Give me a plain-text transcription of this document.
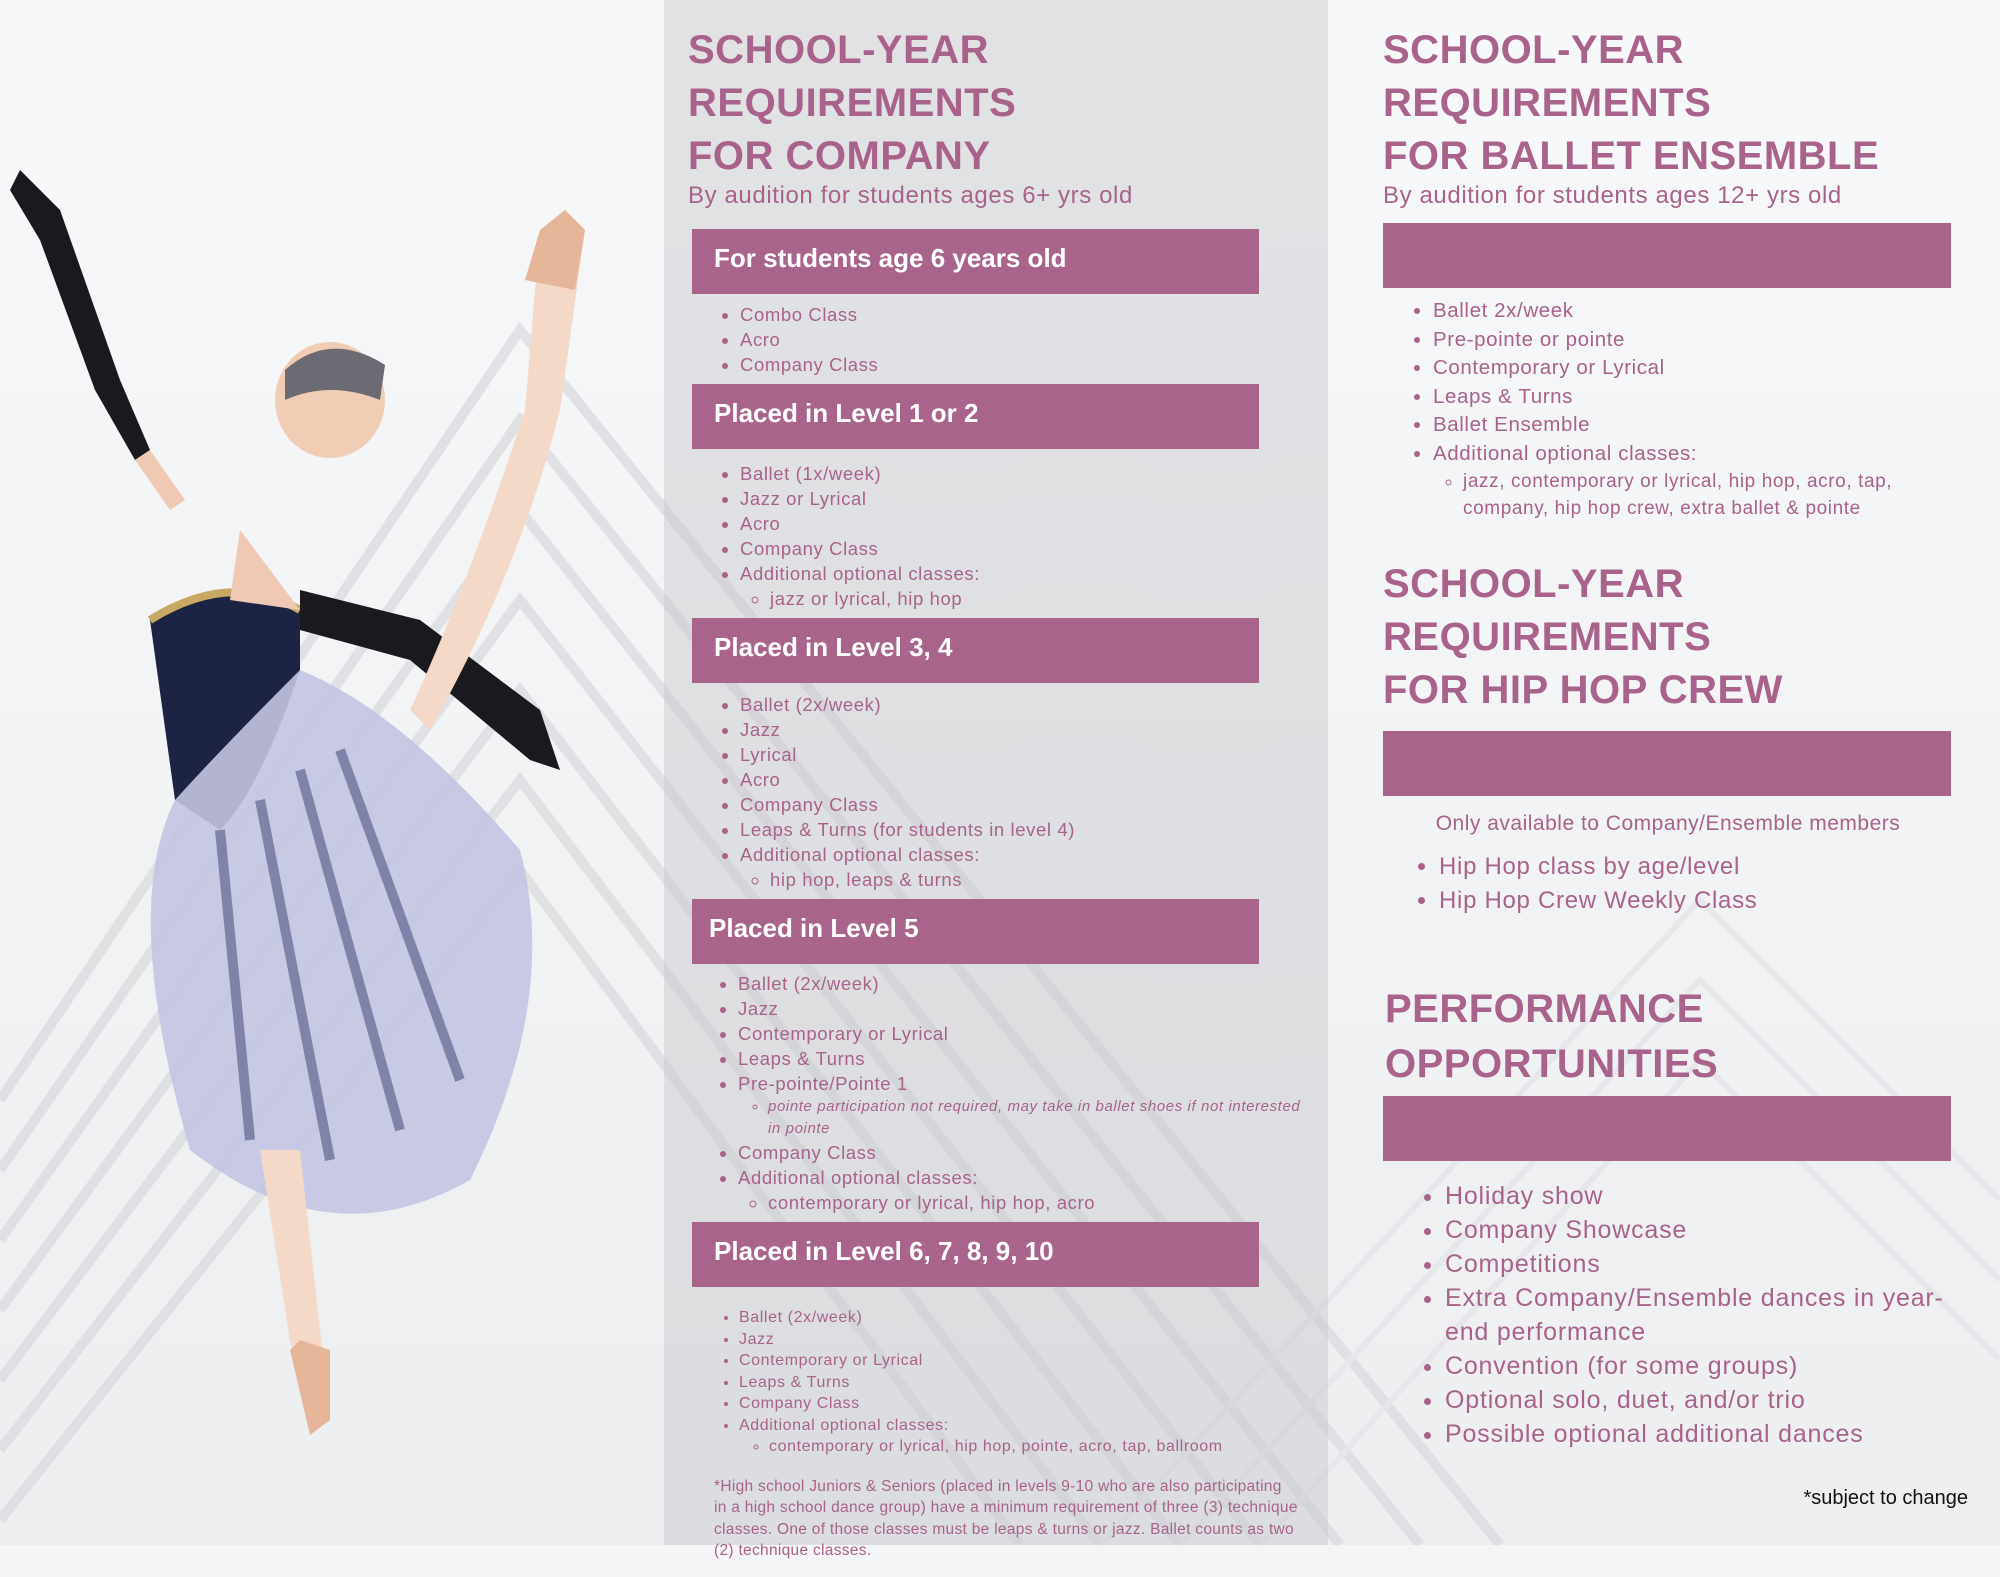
SCHOOL-YEAR REQUIREMENTS
FOR COMPANY

By audition for students ages 6+ yrs old

For students age 6 years old
• Combo Class
• Acro
• Company Class
Placed in Level 1 or 2
• Ballet (1x/week)
• Jazz or Lyrical
• Acro
• Company Class
• Additional optional classes:
◦ jazz or lyrical, hip hop
Placed in Level 3, 4
• Ballet (2x/week)
• Jazz
• Lyrical
• Acro
• Company Class
• Leaps & Turns (for students in level 4)
• Additional optional classes:
◦ hip hop, leaps & turns
Placed in Level 5
• Ballet (2x/week)
• Jazz
• Contemporary or Lyrical
• Leaps & Turns
• Pre-pointe/Pointe 1
◦ pointe participation not required, may take in ballet shoes if not interested in pointe
• Company Class
• Additional optional classes:
◦ contemporary or lyrical, hip hop, acro
Placed in Level 6, 7, 8, 9, 10
• Ballet (2x/week)
• Jazz
• Contemporary or Lyrical
• Leaps & Turns
• Company Class
• Additional optional classes:
◦ contemporary or lyrical, hip hop, pointe, acro, tap, ballroom

*High school Juniors & Seniors (placed in levels 9-10 who are also participating in a high school dance group) have a minimum requirement of three (3) technique classes. One of those classes must be leaps & turns or jazz. Ballet counts as two (2) technique classes.

SCHOOL-YEAR REQUIREMENTS
FOR BALLET ENSEMBLE

By audition for students ages 12+ yrs old

• Ballet 2x/week
• Pre-pointe or pointe
• Contemporary or Lyrical
• Leaps & Turns
• Ballet Ensemble
• Additional optional classes:
◦ jazz, contemporary or lyrical, hip hop, acro, tap, company, hip hop crew, extra ballet & pointe
SCHOOL-YEAR REQUIREMENTS
FOR HIP HOP CREW
Only available to Company/Ensemble members
• Hip Hop class by age/level
• Hip Hop Crew Weekly Class
PERFORMANCE
OPPORTUNITIES
• Holiday show
• Company Showcase
• Competitions
• Extra Company/Ensemble dances in year-end performance
• Convention (for some groups)
• Optional solo, duet, and/or trio
• Possible optional additional dances
*subject to change
